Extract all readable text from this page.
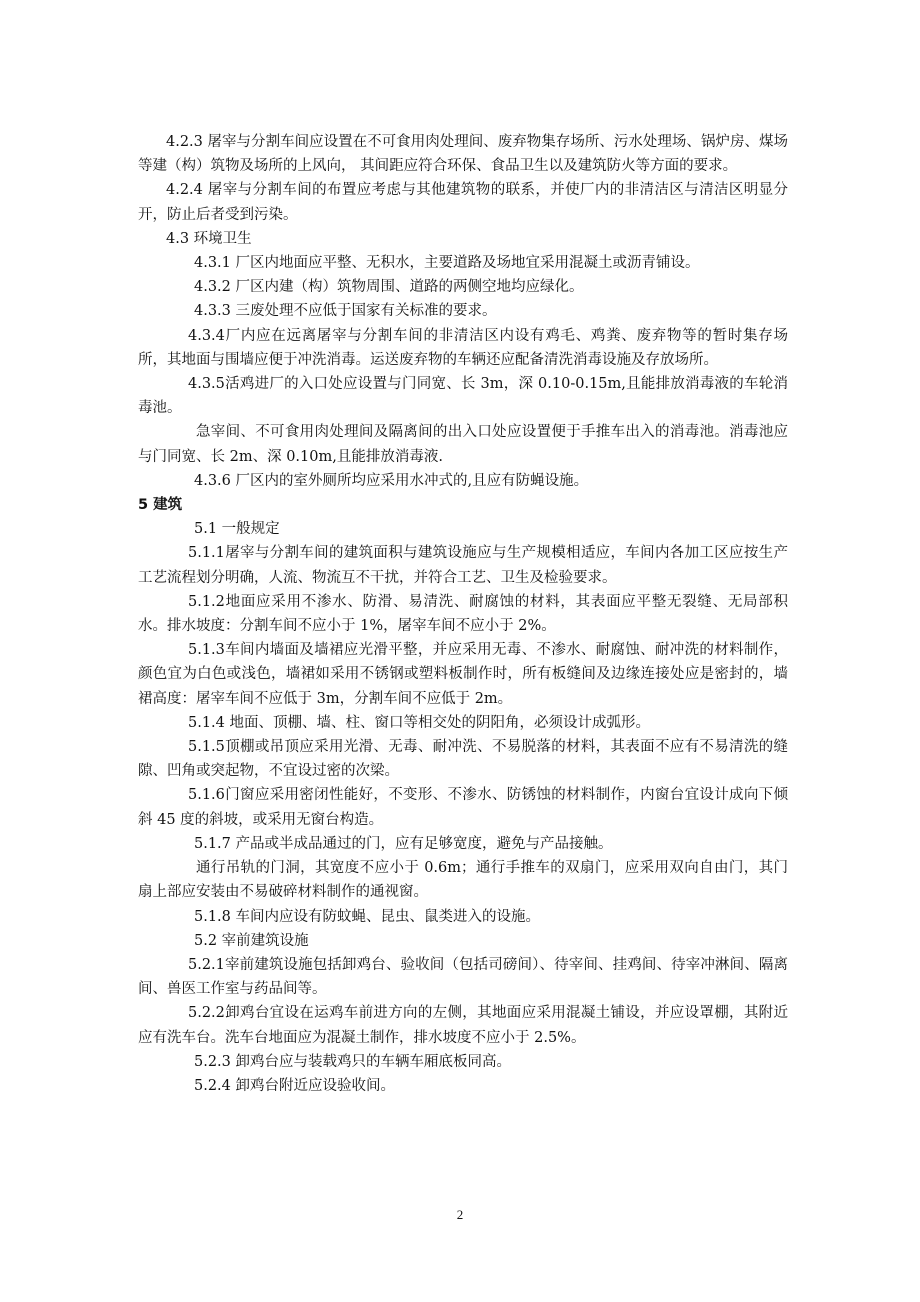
4.2.3 屠宰与分割车间应设置在不可食用肉处理间、废弃物集存场所、污水处理场、锅炉房、煤场等建（构）筑物及场所的上风向， 其间距应符合环保、食品卫生以及建筑防火等方面的要求。

4.2.4 屠宰与分割车间的布置应考虑与其他建筑物的联系，并使厂内的非清洁区与清洁区明显分开，防止后者受到污染。

4.3 环境卫生

4.3.1 厂区内地面应平整、无积水，主要道路及场地宜采用混凝土或沥青铺设。

4.3.2 厂区内建（构）筑物周围、道路的两侧空地均应绿化。

4.3.3 三废处理不应低于国家有关标准的要求。

4.3.4厂内应在远离屠宰与分割车间的非清洁区内设有鸡毛、鸡粪、废弃物等的暂时集存场所，其地面与围墙应便于冲洗消毒。运送废弃物的车辆还应配备清洗消毒设施及存放场所。

4.3.5活鸡进厂的入口处应设置与门同宽、长 3m，深 0.10-0.15m,且能排放消毒液的车轮消毒池。

急宰间、不可食用肉处理间及隔离间的出入口处应设置便于手推车出入的消毒池。消毒池应与门同宽、长 2m、深 0.10m,且能排放消毒液.

4.3.6 厂区内的室外厕所均应采用水冲式的,且应有防蝇设施。

5 建筑

5.1 一般规定

5.1.1屠宰与分割车间的建筑面积与建筑设施应与生产规模相适应，车间内各加工区应按生产工艺流程划分明确，人流、物流互不干扰，并符合工艺、卫生及检验要求。

5.1.2地面应采用不渗水、防滑、易清洗、耐腐蚀的材料，其表面应平整无裂缝、无局部积水。排水坡度：分割车间不应小于 1%，屠宰车间不应小于 2%。

5.1.3车间内墙面及墙裙应光滑平整，并应采用无毒、不渗水、耐腐蚀、耐冲洗的材料制作，颜色宜为白色或浅色，墙裙如采用不锈钢或塑料板制作时，所有板缝间及边缘连接处应是密封的，墙裙高度：屠宰车间不应低于 3m，分割车间不应低于 2m。

5.1.4 地面、顶棚、墙、柱、窗口等相交处的阴阳角，必须设计成弧形。

5.1.5顶棚或吊顶应采用光滑、无毒、耐冲洗、不易脱落的材料，其表面不应有不易清洗的缝隙、凹角或突起物，不宜设过密的次梁。

5.1.6门窗应采用密闭性能好，不变形、不渗水、防锈蚀的材料制作，内窗台宜设计成向下倾斜 45 度的斜坡，或采用无窗台构造。

5.1.7 产品或半成品通过的门，应有足够宽度，避免与产品接触。

通行吊轨的门洞，其宽度不应小于 0.6m；通行手推车的双扇门，应采用双向自由门，其门扇上部应安装由不易破碎材料制作的通视窗。

5.1.8 车间内应设有防蚊蝇、昆虫、鼠类进入的设施。

5.2 宰前建筑设施

5.2.1宰前建筑设施包括卸鸡台、验收间（包括司磅间）、待宰间、挂鸡间、待宰冲淋间、隔离间、兽医工作室与药品间等。

5.2.2卸鸡台宜设在运鸡车前进方向的左侧，其地面应采用混凝土铺设，并应设罩棚，其附近应有洗车台。洗车台地面应为混凝土制作，排水坡度不应小于 2.5%。

5.2.3 卸鸡台应与装载鸡只的车辆车厢底板同高。

5.2.4 卸鸡台附近应设验收间。

2
